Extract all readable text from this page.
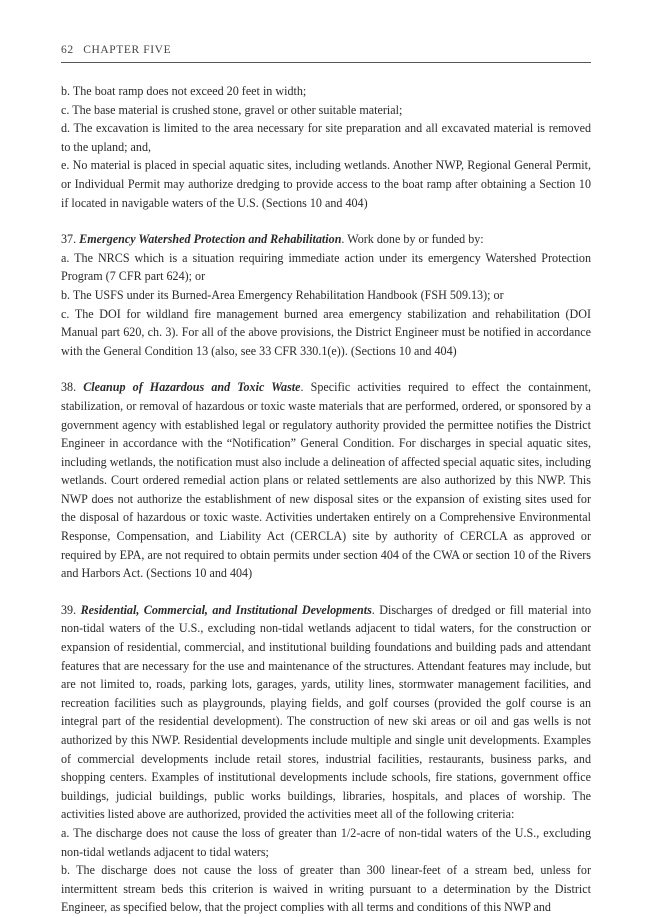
62 CHAPTER FIVE

b. The boat ramp does not exceed 20 feet in width;

c. The base material is crushed stone, gravel or other suitable material;

d. The excavation is limited to the area necessary for site preparation and all excavated material is removed to the upland; and,

e. No material is placed in special aquatic sites, including wetlands. Another NWP, Regional General Permit, or Individual Permit may authorize dredging to provide access to the boat ramp after obtaining a Section 10 if located in navigable waters of the U.S. (Sections 10 and 404)

37. Emergency Watershed Protection and Rehabilitation. Work done by or funded by:

a. The NRCS which is a situation requiring immediate action under its emergency Watershed Protection Program (7 CFR part 624); or

b. The USFS under its Burned-Area Emergency Rehabilitation Handbook (FSH 509.13); or

c. The DOI for wildland fire management burned area emergency stabilization and rehabilitation (DOI Manual part 620, ch. 3). For all of the above provisions, the District Engineer must be notified in accordance with the General Condition 13 (also, see 33 CFR 330.1(e)). (Sections 10 and 404)

38. Cleanup of Hazardous and Toxic Waste. Specific activities required to effect the containment, stabilization, or removal of hazardous or toxic waste materials that are performed, ordered, or sponsored by a government agency with established legal or regulatory authority provided the permittee notifies the District Engineer in accordance with the “Notification” General Condition. For discharges in special aquatic sites, including wetlands, the notification must also include a delineation of affected special aquatic sites, including wetlands. Court ordered remedial action plans or related settlements are also authorized by this NWP. This NWP does not authorize the establishment of new disposal sites or the expansion of existing sites used for the disposal of hazardous or toxic waste. Activities undertaken entirely on a Comprehensive Environmental Response, Compensation, and Liability Act (CERCLA) site by authority of CERCLA as approved or required by EPA, are not required to obtain permits under section 404 of the CWA or section 10 of the Rivers and Harbors Act. (Sections 10 and 404)

39. Residential, Commercial, and Institutional Developments. Discharges of dredged or fill material into non-tidal waters of the U.S., excluding non-tidal wetlands adjacent to tidal waters, for the construction or expansion of residential, commercial, and institutional building foundations and building pads and attendant features that are necessary for the use and maintenance of the structures. Attendant features may include, but are not limited to, roads, parking lots, garages, yards, utility lines, stormwater management facilities, and recreation facilities such as playgrounds, playing fields, and golf courses (provided the golf course is an integral part of the residential development). The construction of new ski areas or oil and gas wells is not authorized by this NWP. Residential developments include multiple and single unit developments. Examples of commercial developments include retail stores, industrial facilities, restaurants, business parks, and shopping centers. Examples of institutional developments include schools, fire stations, government office buildings, judicial buildings, public works buildings, libraries, hospitals, and places of worship. The activities listed above are authorized, provided the activities meet all of the following criteria:

a. The discharge does not cause the loss of greater than 1/2-acre of non-tidal waters of the U.S., excluding non-tidal wetlands adjacent to tidal waters;

b. The discharge does not cause the loss of greater than 300 linear-feet of a stream bed, unless for intermittent stream beds this criterion is waived in writing pursuant to a determination by the District Engineer, as specified below, that the project complies with all terms and conditions of this NWP and
